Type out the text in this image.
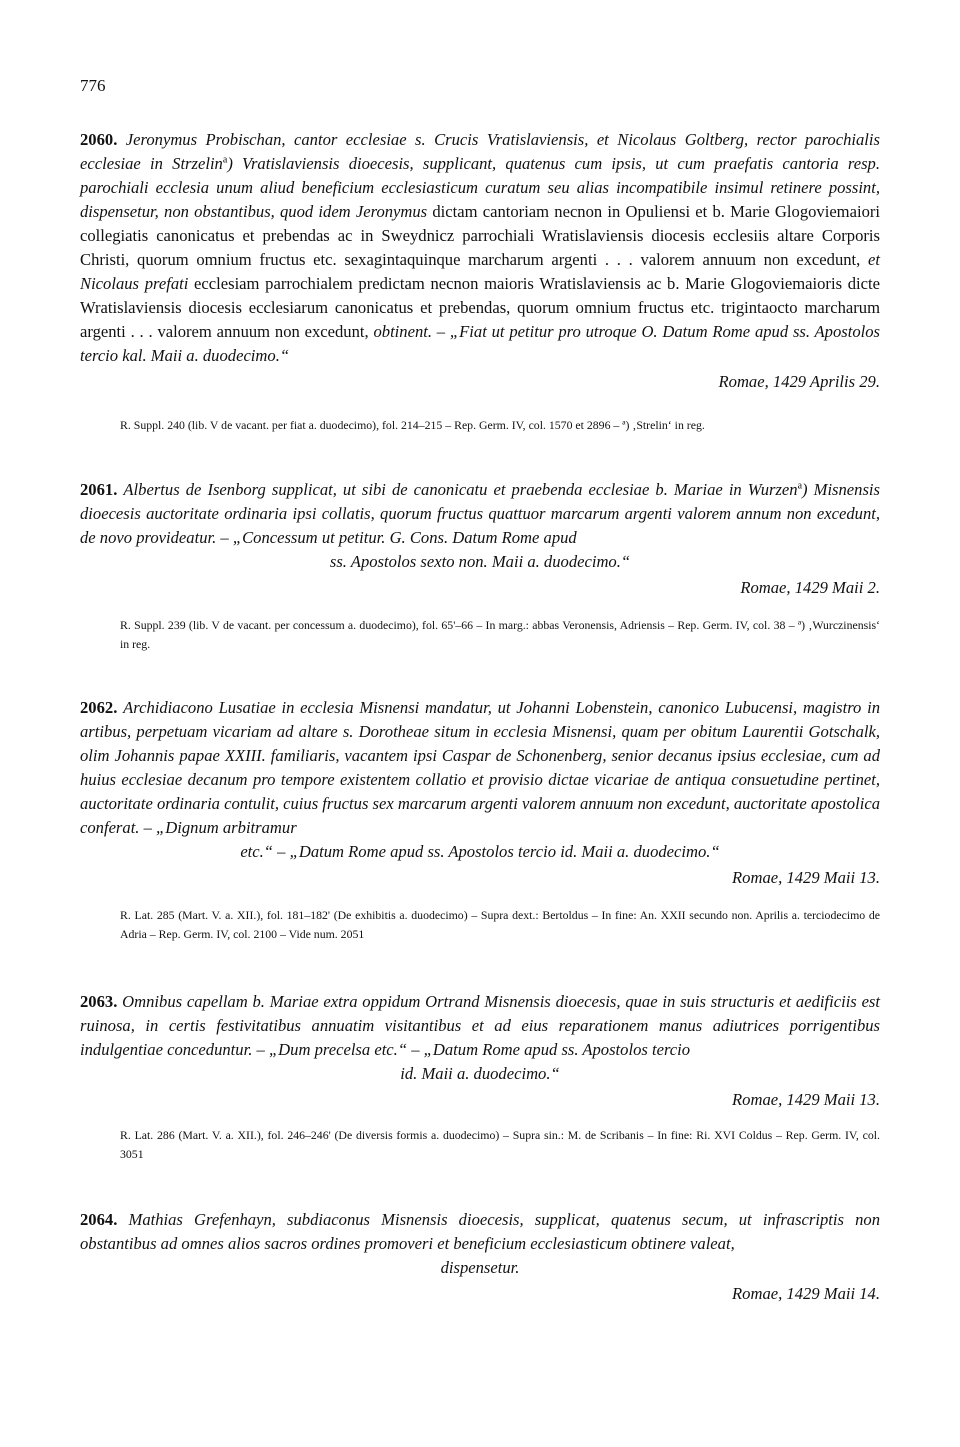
776
2060. Jeronymus Probischan, cantor ecclesiae s. Crucis Vratislaviensis, et Nicolaus Goltberg, rector parochialis ecclesiae in Strzelin$^a$) Vratislaviensis dioecesis, supplicant, quatenus cum ipsis, ut cum praefatis cantoria resp. parochiali ecclesia unum aliud beneficium ecclesiasticum curatum seu alias incompatibile insimul retinere possint, dispensetur, non obstantibus, quod idem Jeronymus dictam cantoriam necnon in Opuliensi et b. Marie Glogoviemaiori collegiatis canonicatus et prebendas ac in Sweydnicz parrochiali Wratislaviensis diocesis ecclesiis altare Corporis Christi, quorum omnium fructus etc. sexagintaquinque marcharum argenti . . . valorem annuum non excedunt, et Nicolaus prefati ecclesiam parrochialem predictam necnon maioris Wratislaviensis ac b. Marie Glogoviemaioris dicte Wratislaviensis diocesis ecclesiarum canonicatus et prebendas, quorum omnium fructus etc. trigintaocto marcharum argenti . . . valorem annuum non excedunt, obtinent. – „Fiat ut petitur pro utroque O. Datum Rome apud ss. Apostolos tercio kal. Maii a. duodecimo.“
Romae, 1429 Aprilis 29.
R. Suppl. 240 (lib. V de vacant. per fiat a. duodecimo), fol. 214–215 – Rep. Germ. IV, col. 1570 et 2896 – ª) ‚Strelin‘ in reg.
2061. Albertus de Isenborg supplicat, ut sibi de canonicatu et praebenda ecclesiae b. Mariae in Wurzen$^a$) Misnensis dioecesis auctoritate ordinaria ipsi collatis, quorum fructus quattuor marcarum argenti valorem annum non excedunt, de novo provideatur. – „Concessum ut petitur. G. Cons. Datum Rome apud
ss. Apostolos sexto non. Maii a. duodecimo.“
Romae, 1429 Maii 2.
R. Suppl. 239 (lib. V de vacant. per concessum a. duodecimo), fol. 65'–66 – In marg.: abbas Veronensis, Adriensis – Rep. Germ. IV, col. 38 – ª) ‚Wurczinensis‘ in reg.
2062. Archidiacono Lusatiae in ecclesia Misnensi mandatur, ut Johanni Lobenstein, canonico Lubucensi, magistro in artibus, perpetuam vicariam ad altare s. Dorotheae situm in ecclesia Misnensi, quam per obitum Laurentii Gotschalk, olim Johannis papae XXIII. familiaris, vacantem ipsi Caspar de Schonenberg, senior decanus ipsius ecclesiae, cum ad huius ecclesiae decanum pro tempore existentem collatio et provisio dictae vicariae de antiqua consuetudine pertinet, auctoritate ordinaria contulit, cuius fructus sex marcarum argenti valorem annuum non excedunt, auctoritate apostolica conferat. – „Dignum arbitramur
etc.“ – „Datum Rome apud ss. Apostolos tercio id. Maii a. duodecimo.“
Romae, 1429 Maii 13.
R. Lat. 285 (Mart. V. a. XII.), fol. 181–182' (De exhibitis a. duodecimo) – Supra dext.: Bertoldus – In fine: An. XXII secundo non. Aprilis a. terciodecimo de Adria – Rep. Germ. IV, col. 2100 – Vide num. 2051
2063. Omnibus capellam b. Mariae extra oppidum Ortrand Misnensis dioecesis, quae in suis structuris et aedificiis est ruinosa, in certis festivitatibus annuatim visitantibus et ad eius reparationem manus adiutrices porrigentibus indulgentiae conceduntur. – „Dum precelsa etc.“ – „Datum Rome apud ss. Apostolos tercio
id. Maii a. duodecimo.“
Romae, 1429 Maii 13.
R. Lat. 286 (Mart. V. a. XII.), fol. 246–246' (De diversis formis a. duodecimo) – Supra sin.: M. de Scribanis – In fine: Ri. XVI Coldus – Rep. Germ. IV, col. 3051
2064. Mathias Grefenhayn, subdiaconus Misnensis dioecesis, supplicat, quatenus secum, ut infrascriptis non obstantibus ad omnes alios sacros ordines promoveri et beneficium ecclesiasticum obtinere valeat,
dispensetur.
Romae, 1429 Maii 14.
